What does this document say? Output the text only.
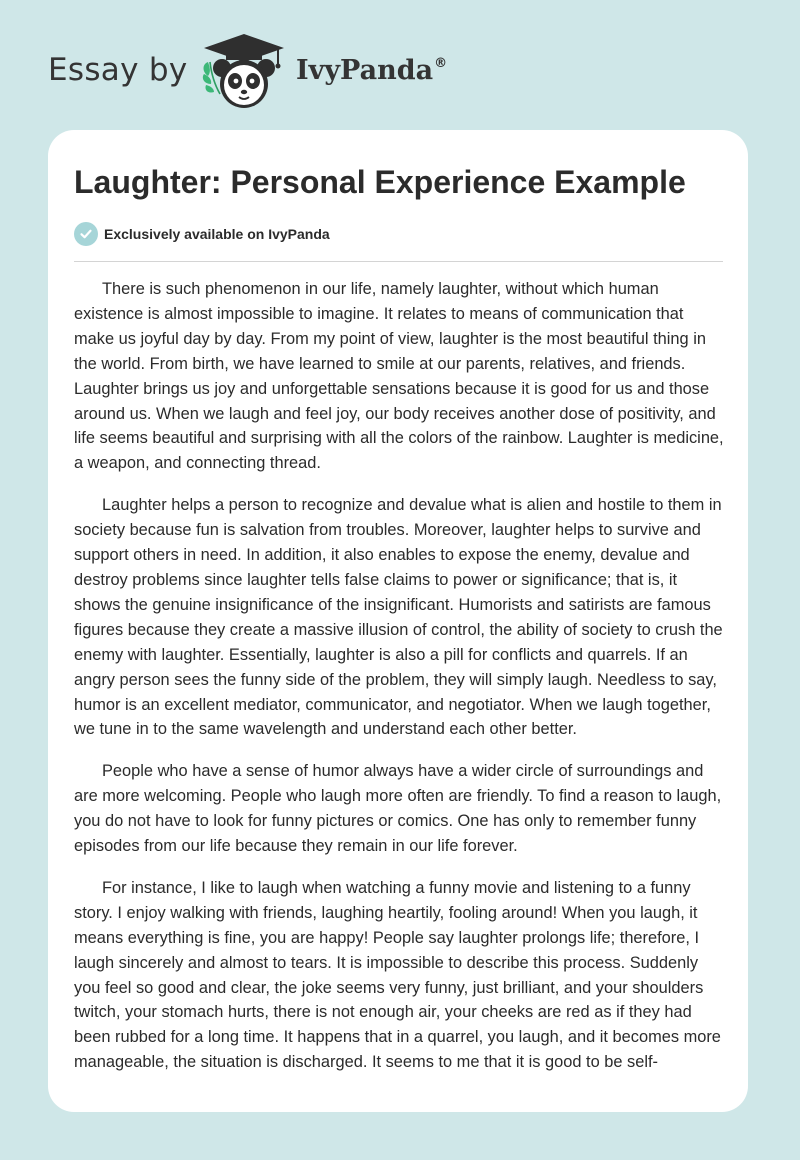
Essay by	IvyPanda®
Laughter: Personal Experience Example
Exclusively available on IvyPanda

There is such phenomenon in our life, namely laughter, without which human existence is almost impossible to imagine. It relates to means of communication that make us joyful day by day. From my point of view, laughter is the most beautiful thing in the world. From birth, we have learned to smile at our parents, relatives, and friends. Laughter brings us joy and unforgettable sensations because it is good for us and those around us. When we laugh and feel joy, our body receives another dose of positivity, and life seems beautiful and surprising with all the colors of the rainbow. Laughter is medicine, a weapon, and connecting thread.

Laughter helps a person to recognize and devalue what is alien and hostile to them in society because fun is salvation from troubles. Moreover, laughter helps to survive and support others in need. In addition, it also enables to expose the enemy, devalue and destroy problems since laughter tells false claims to power or significance; that is, it shows the genuine insignificance of the insignificant. Humorists and satirists are famous figures because they create a massive illusion of control, the ability of society to crush the enemy with laughter. Essentially, laughter is also a pill for conflicts and quarrels. If an angry person sees the funny side of the problem, they will simply laugh. Needless to say, humor is an excellent mediator, communicator, and negotiator. When we laugh together, we tune in to the same wavelength and understand each other better.

People who have a sense of humor always have a wider circle of surroundings and are more welcoming. People who laugh more often are friendly. To find a reason to laugh, you do not have to look for funny pictures or comics. One has only to remember funny episodes from our life because they remain in our life forever.

For instance, I like to laugh when watching a funny movie and listening to a funny story. I enjoy walking with friends, laughing heartily, fooling around! When you laugh, it means everything is fine, you are happy! People say laughter prolongs life; therefore, I laugh sincerely and almost to tears. It is impossible to describe this process. Suddenly you feel so good and clear, the joke seems very funny, just brilliant, and your shoulders twitch, your stomach hurts, there is not enough air, your cheeks are red as if they had been rubbed for a long time. It happens that in a quarrel, you laugh, and it becomes more manageable, the situation is discharged. It seems to me that it is good to be self-
